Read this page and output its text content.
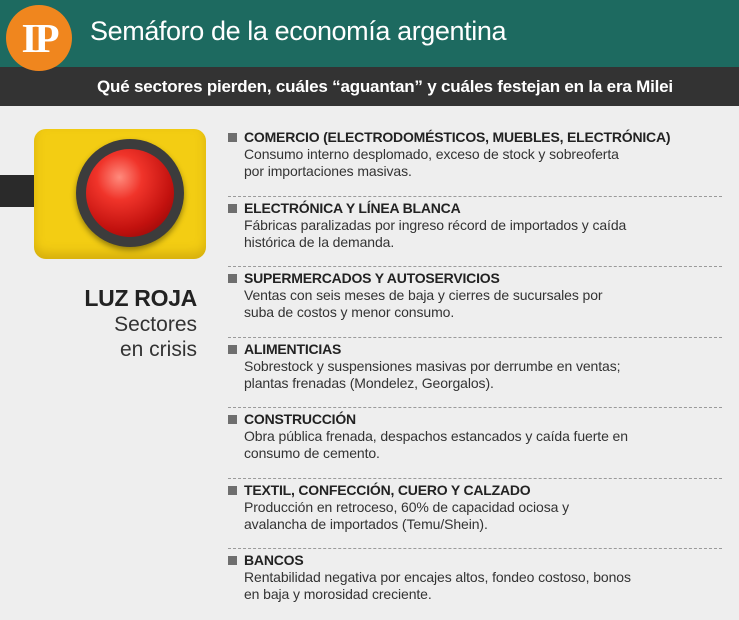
Semáforo de la economía argentina
IP
Qué sectores pierden, cuáles “aguantan” y cuáles festejan en la era Milei
LUZ ROJA
Sectores
en crisis
COMERCIO (ELECTRODOMÉSTICOS, MUEBLES, ELECTRÓNICA)
Consumo interno desplomado, exceso de stock y sobreoferta por importaciones masivas.
ELECTRÓNICA Y LÍNEA BLANCA
Fábricas paralizadas por ingreso récord de importados y caída histórica de la demanda.
SUPERMERCADOS Y AUTOSERVICIOS
Ventas con seis meses de baja y cierres de sucursales por suba de costos y menor consumo.
ALIMENTICIAS
Sobrestock y suspensiones masivas por derrumbe en ventas; plantas frenadas (Mondelez, Georgalos).
CONSTRUCCIÓN
Obra pública frenada, despachos estancados y caída fuerte en consumo de cemento.
TEXTIL, CONFECCIÓN, CUERO Y CALZADO
Producción en retroceso, 60% de capacidad ociosa y avalancha de importados (Temu/Shein).
BANCOS
Rentabilidad negativa por encajes altos, fondeo costoso, bonos en baja y morosidad creciente.
